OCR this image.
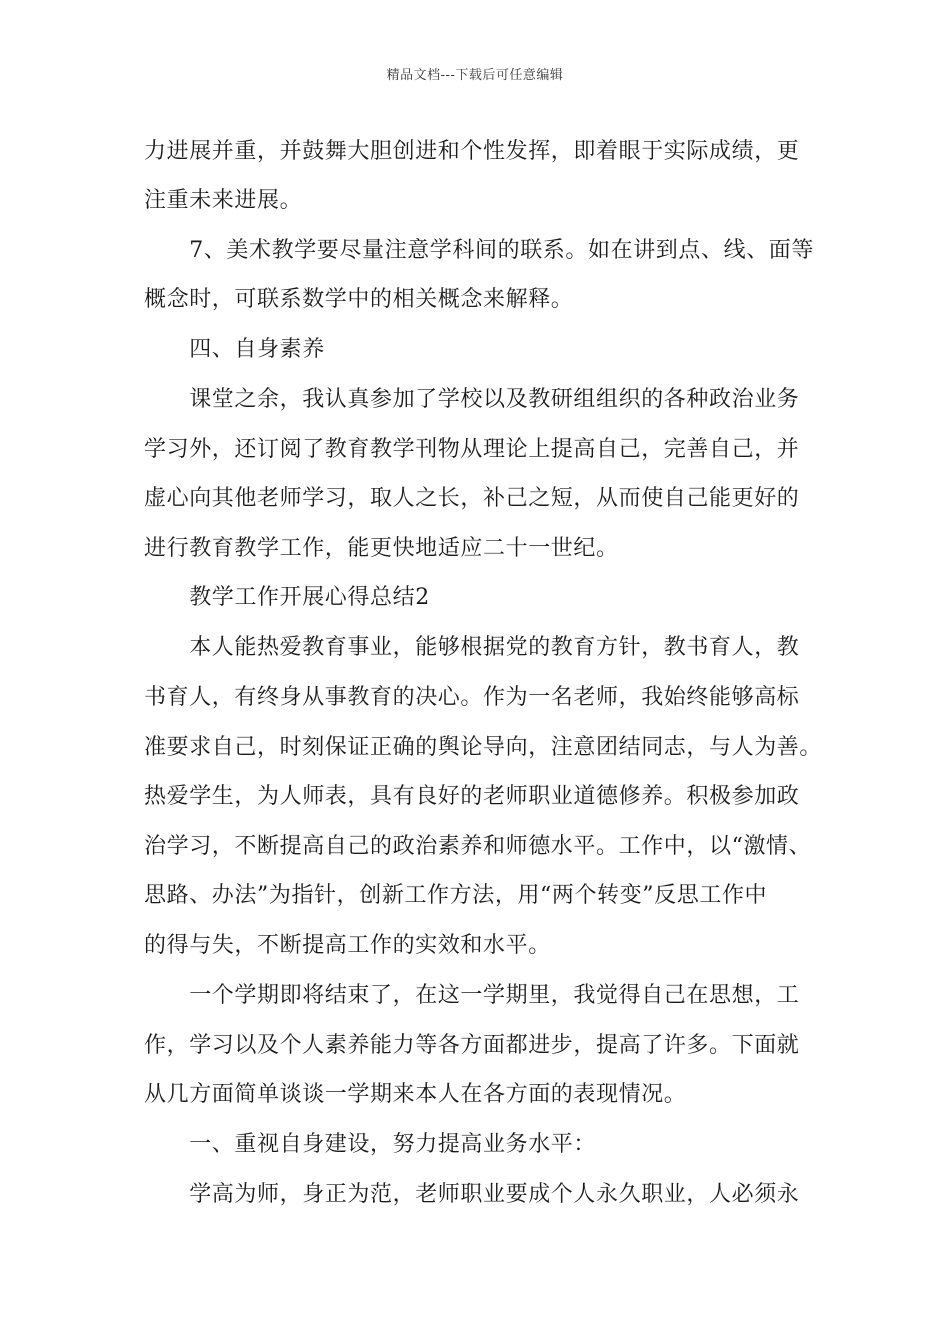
精品文档---下载后可任意编辑
力进展并重，并鼓舞大胆创进和个性发挥，即着眼于实际成绩，更
注重未来进展。
　　7、美术教学要尽量注意学科间的联系。如在讲到点、线、面等
概念时，可联系数学中的相关概念来解释。
　　四、自身素养
　　课堂之余，我认真参加了学校以及教研组组织的各种政治业务
学习外，还订阅了教育教学刊物从理论上提高自己，完善自己，并
虚心向其他老师学习，取人之长，补己之短，从而使自己能更好的
进行教育教学工作，能更快地适应二十一世纪。
　　教学工作开展心得总结2
　　本人能热爱教育事业，能够根据党的教育方针，教书育人，教
书育人，有终身从事教育的决心。作为一名老师，我始终能够高标
准要求自己，时刻保证正确的舆论导向，注意团结同志，与人为善。
热爱学生，为人师表，具有良好的老师职业道德修养。积极参加政
治学习，不断提高自己的政治素养和师德水平。工作中，以“激情、
思路、办法”为指针，创新工作方法，用“两个转变”反思工作中
的得与失，不断提高工作的实效和水平。
　　一个学期即将结束了，在这一学期里，我觉得自己在思想，工
作，学习以及个人素养能力等各方面都进步，提高了许多。下面就
从几方面简单谈谈一学期来本人在各方面的表现情况。
　　一、重视自身建设，努力提高业务水平：
　　学高为师，身正为范，老师职业要成个人永久职业，人必须永
